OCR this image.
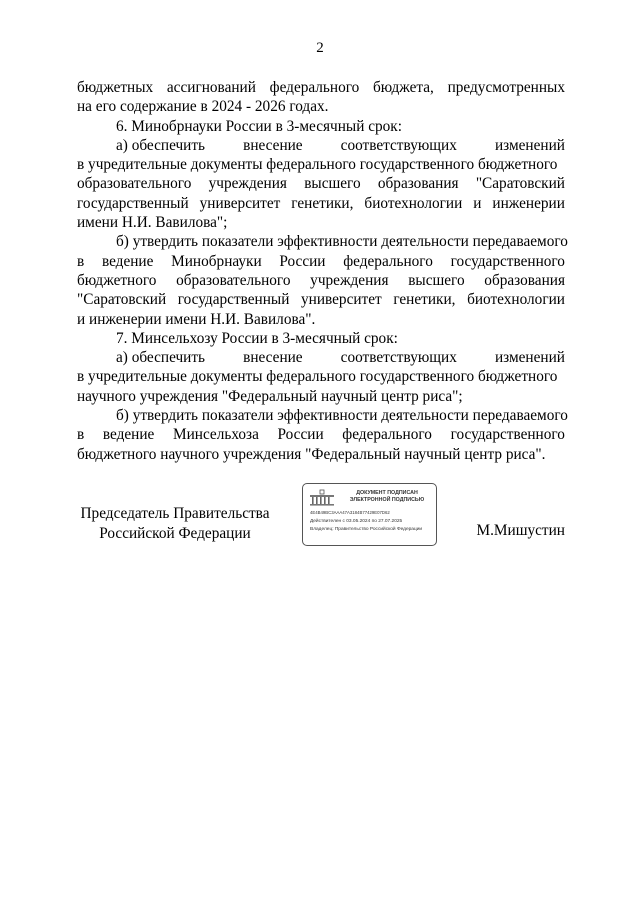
2
бюджетных ассигнований федерального бюджета, предусмотренных
на его содержание в 2024 - 2026 годах.
6. Минобрнауки России в 3-месячный срок:
а) обеспечить внесение соответствующих изменений
в учредительные документы федерального государственного бюджетного
образовательного учреждения высшего образования "Саратовский
государственный университет генетики, биотехнологии и инженерии
имени Н.И. Вавилова";
б) утвердить показатели эффективности деятельности передаваемого
в ведение Минобрнауки России федерального государственного
бюджетного образовательного учреждения высшего образования
"Саратовский государственный университет генетики, биотехнологии
и инженерии имени Н.И. Вавилова".
7. Минсельхозу России в 3-месячный срок:
а) обеспечить внесение соответствующих изменений
в учредительные документы федерального государственного бюджетного
научного учреждения "Федеральный научный центр риса";
б) утвердить показатели эффективности деятельности передаваемого
в ведение Минсельхоза России федерального государственного
бюджетного научного учреждения "Федеральный научный центр риса".
Председатель Правительства
Российской Федерации
ДОКУМЕНТ ПОДПИСАН
ЭЛЕКТРОННОЙ ПОДПИСЬЮ
4E4B49BC3AAA47A3184B77429E07D62
Действителен с 03.05.2024 по 27.07.2025
Владелец: Правительство Российской Федерации	М.Мишустин
